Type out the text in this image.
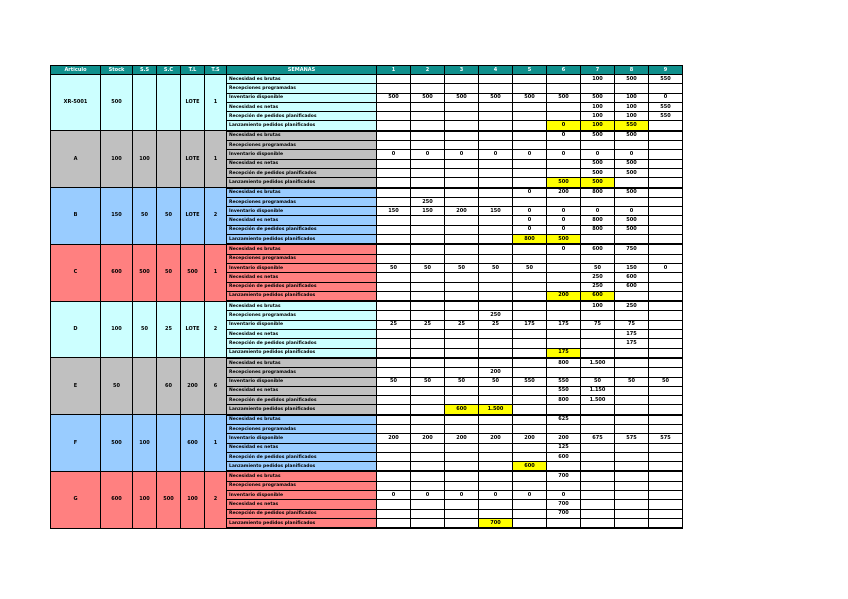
Articulo	Stock	S.S	S.C	T.L	T.S	SEMANAS	1	2	3	4	5	6	7	8	9
XR-5001	500			LOTE	1	Necesidad es brutas							100	500	550
						Recepciones programadas									
						Inventario disponible	500	500	500	500	500	500	500	100	0
						Necesidad es netas							100	100	550
						Recepción de pedidos planificados							100	100	550
						Lanzamiento pedidos planificados						0	100	550	
A	100	100		LOTE	1	Necesidad es brutas						0	500	500	
						Recepciones programadas									
						Inventario disponible	0	0	0	0	0	0	0	0	
						Necesidad es netas							500	500	
						Recepción de pedidos planificados							500	500	
						Lanzamiento pedidos planificados						500	500		
B	150	50	50	LOTE	2	Necesidad es brutas					0	200	800	500	
						Recepciones programadas		250							
						Inventario disponible	150	150	200	150	0	0	0	0	
						Necesidad es netas					0	0	800	500	
						Recepción de pedidos planificados					0	0	800	500	
						Lanzamiento pedidos planificados					800	500			
C	600	500	50	500	1	Necesidad es brutas						0	600	750	
						Recepciones programadas									
						Inventario disponible	50	50	50	50	50		50	150	0
						Necesidad es netas							250	600	
						Recepción de pedidos planificados							250	600	
						Lanzamiento pedidos planificados						200	600		
D	100	50	25	LOTE	2	Necesidad es brutas							100	250	
						Recepciones programadas				250					
						Inventario disponible	25	25	25	25	175	175	75	75	
						Necesidad es netas								175	
						Recepción de pedidos planificados								175	
						Lanzamiento pedidos planificados						175			
E	50		60	200	6	Necesidad es brutas						800	1.500		
						Recepciones programadas				200					
						Inventario disponible	50	50	50	50	550	550	50	50	50
						Necesidad es netas						550	1.150		
						Recepción de pedidos planificados						800	1.500		
						Lanzamiento pedidos planificados			600	1.500					
F	500	100		600	1	Necesidad es brutas						625			
						Recepciones programadas									
						Inventario disponible	200	200	200	200	200	200	675	575	575
						Necesidad es netas						125			
						Recepción de pedidos planificados						600			
						Lanzamiento pedidos planificados					600				
G	600	100	500	100	2	Necesidad es brutas						700			
						Recepciones programadas									
						Inventario disponible	0	0	0	0	0	0			
						Necesidad es netas						700			
						Recepción de pedidos planificados						700			
						Lanzamiento pedidos planificados				700					
